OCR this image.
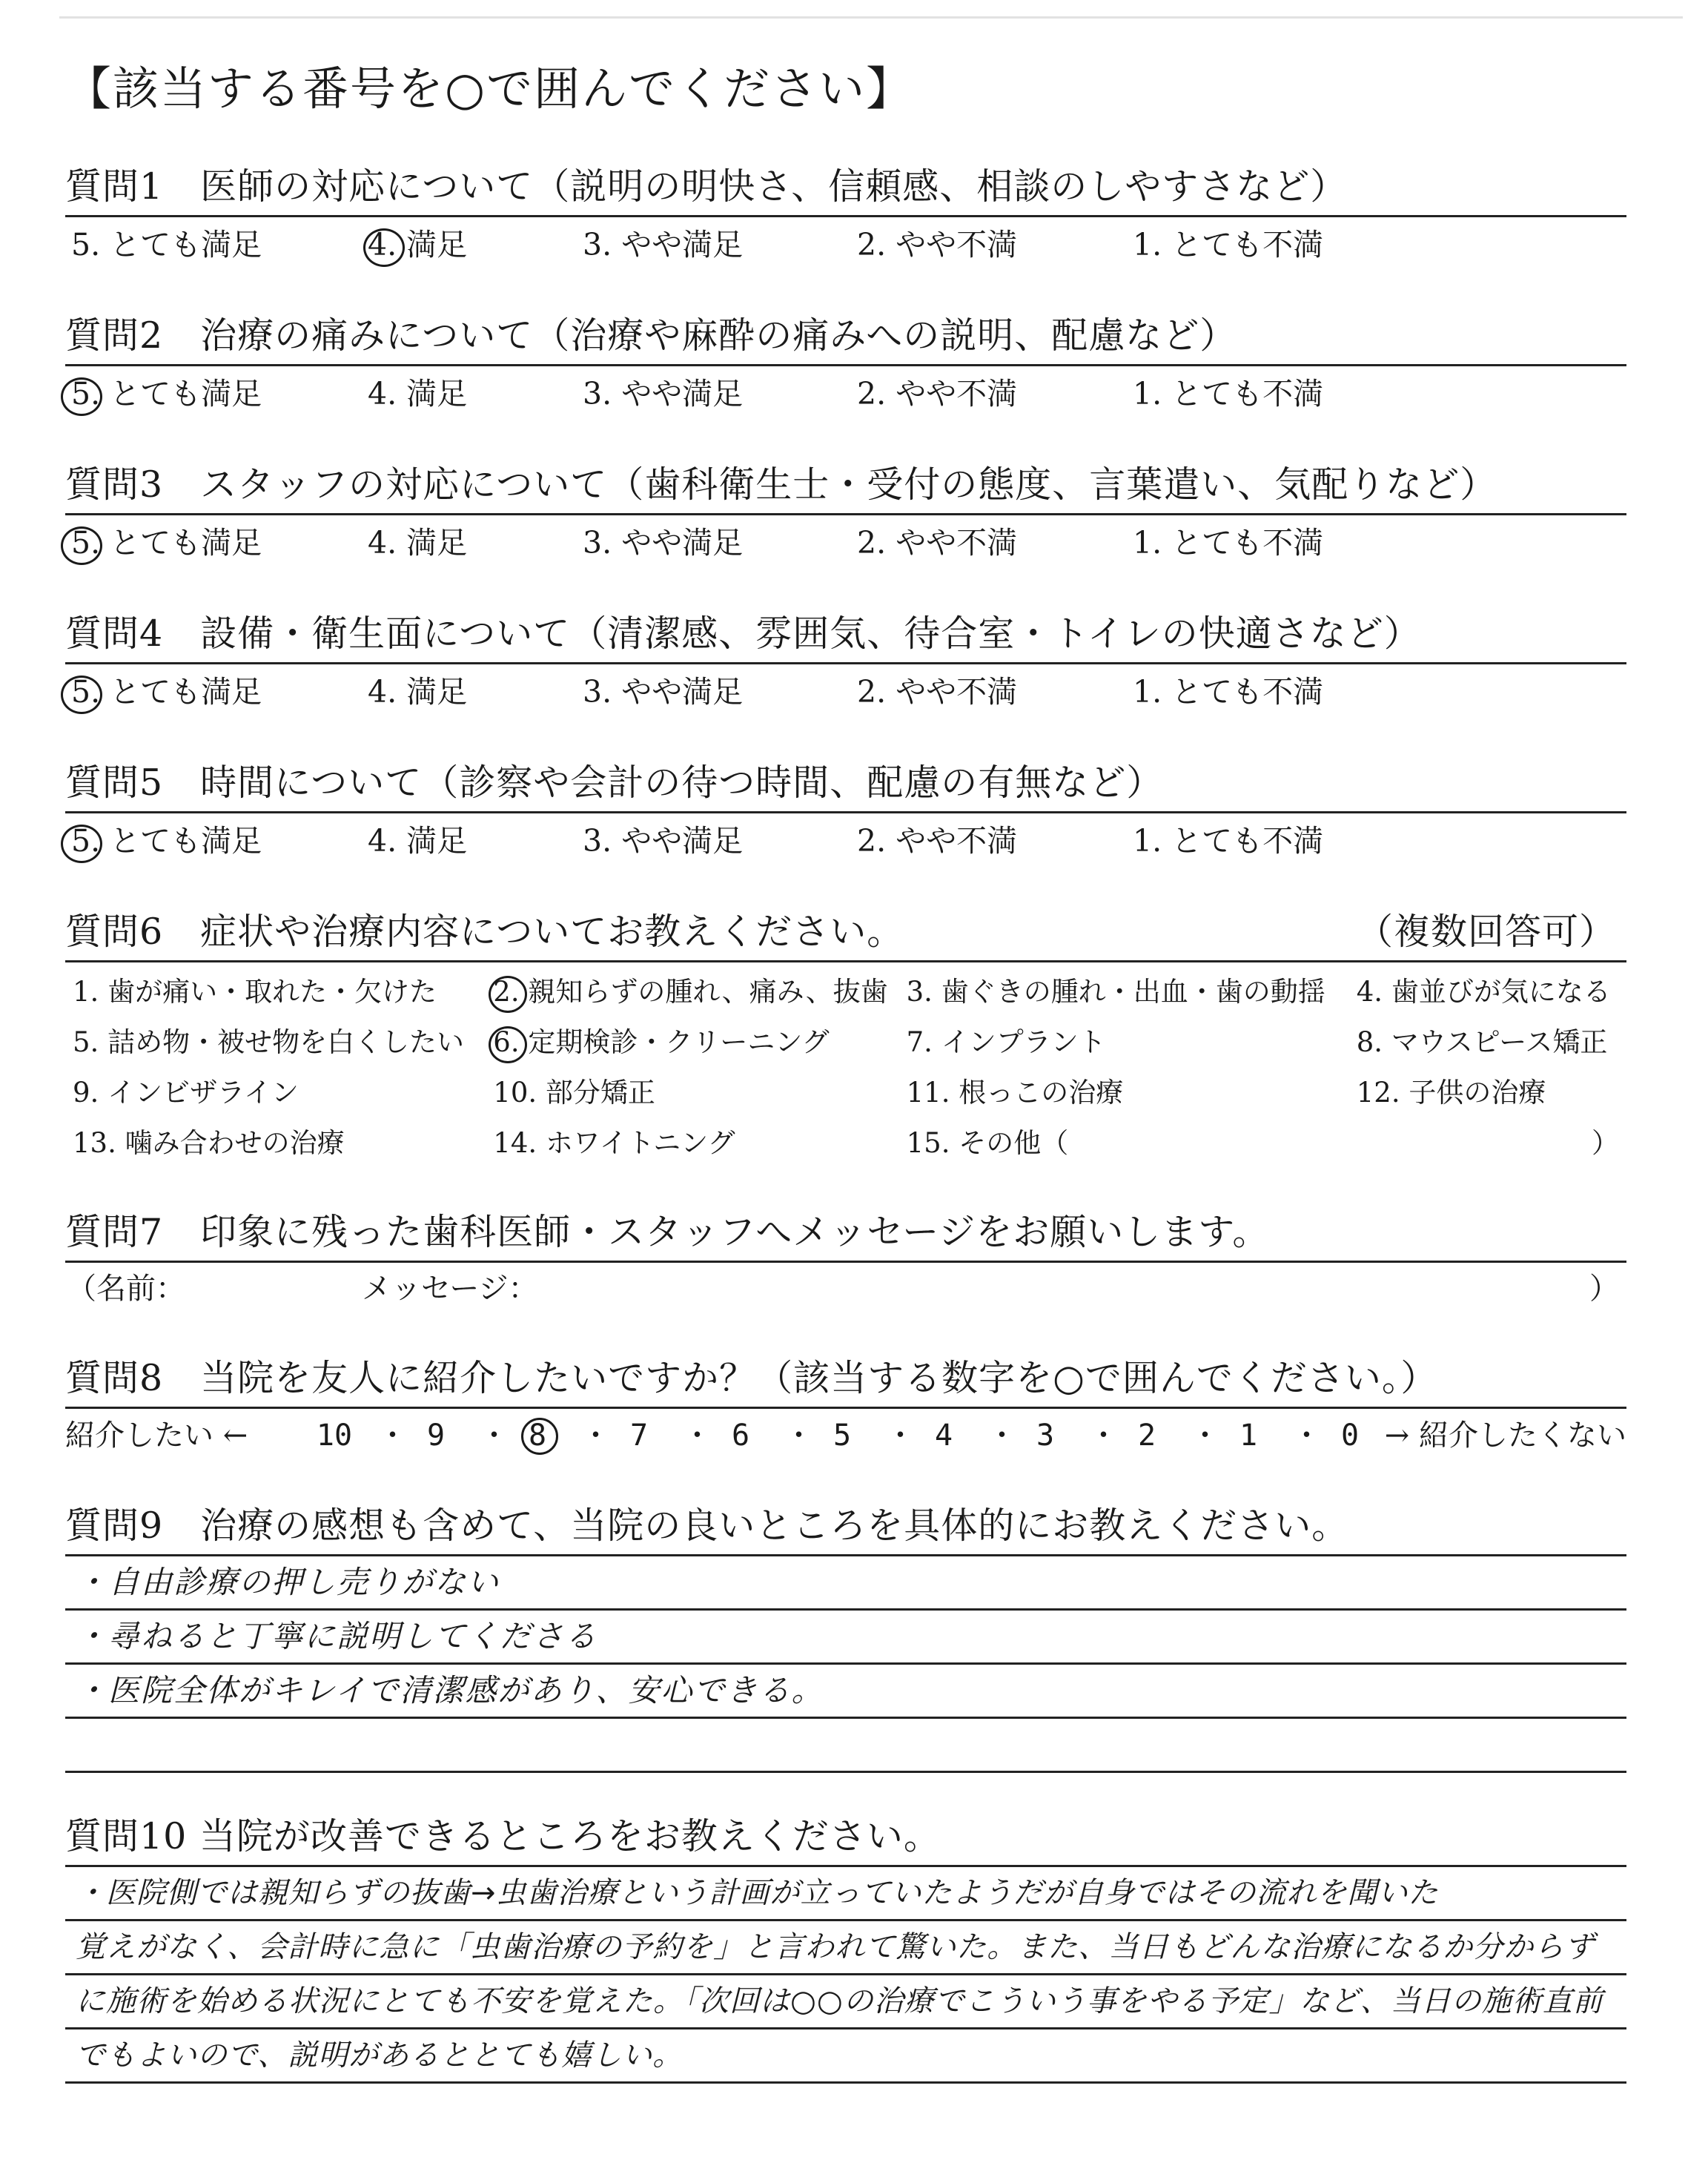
【該当する番号を○で囲んでください】
質問1　医師の対応について（説明の明快さ、信頼感、相談のしやすさなど）
5. とても満足	4. 満足	3. やや満足	2. やや不満	1. とても不満
質問2　治療の痛みについて（治療や麻酔の痛みへの説明、配慮など）
5. とても満足	4. 満足	3. やや満足	2. やや不満	1. とても不満
質問3　スタッフの対応について（歯科衛生士・受付の態度、言葉遣い、気配りなど）
5. とても満足	4. 満足	3. やや満足	2. やや不満	1. とても不満
質問4　設備・衛生面について（清潔感、雰囲気、待合室・トイレの快適さなど）
5. とても満足	4. 満足	3. やや満足	2. やや不満	1. とても不満
質問5　時間について（診察や会計の待つ時間、配慮の有無など）
5. とても満足	4. 満足	3. やや満足	2. やや不満	1. とても不満
質問6　症状や治療内容についてお教えください。	（複数回答可）
1. 歯が痛い・取れた・欠けた	2. 親知らずの腫れ、痛み、抜歯 3. 歯ぐきの腫れ・出血・歯の動揺	4. 歯並びが気になる
5. 詰め物・被せ物を白くしたい	6. 定期検診・クリーニング	7. インプラント	8. マウスピース矯正
9. インビザライン	10. 部分矯正	11. 根っこの治療	12. 子供の治療
13. 噛み合わせの治療	14. ホワイトニング	15. その他（	）
質問7　印象に残った歯科医師・スタッフへメッセージをお願いします。
（名前：	メッセージ：	）
質問8　当院を友人に紹介したいですか？（該当する数字を○で囲んでください。）
紹介したい ← 10 ・ 9	・ 8	・ 7	・ 6	・ 5	・ 4	・ 3	・ 2	・ 1	・ 0 → 紹介したくない
質問9　治療の感想も含めて、当院の良いところを具体的にお教えください。
・自由診療の押し売りがない
・尋ねると丁寧に説明してくださる
・医院全体がキレイで清潔感があり、安心できる。
質問10 当院が改善できるところをお教えください。
・医院側では親知らずの抜歯→虫歯治療という計画が立っていたようだが自身ではその流れを聞いた
覚えがなく、会計時に急に「虫歯治療の予約を」と言われて驚いた。また、当日もどんな治療になるか分からず
に施術を始める状況にとても不安を覚えた。「次回は○○の治療でこういう事をやる予定」など、当日の施術直前
でもよいので、説明があるととても嬉しい。
